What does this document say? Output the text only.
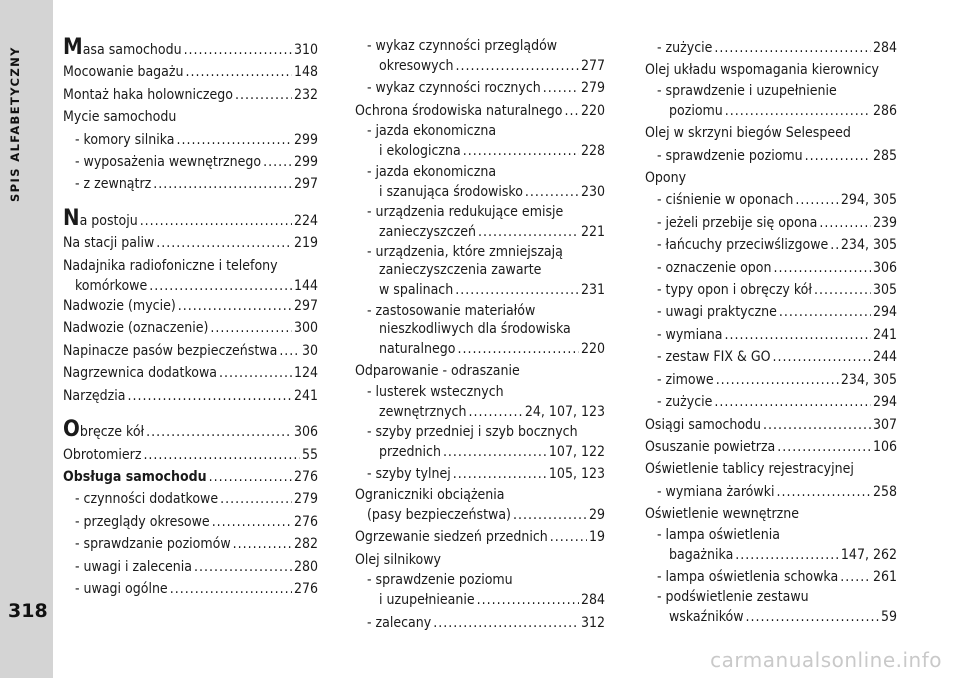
SPIS ALFABETYCZNY
318
Masa samochodu .....	310
Mocowanie bagażu .....	148
Montaż haka holowniczego .....	232
Mycie samochodu
- komory silnika .....	299
- wyposażenia wewnętrznego ..... 299
- z zewnątrz .....	297
Na postoju .....	224
Na stacji paliw .....	219
Nadajnika radiofoniczne i telefony
komórkowe .....	144
Nadwozie (mycie) .....	297
Nadwozie (oznaczenie) .....	300
Napinacze pasów bezpieczeństwa ..... 30
Nagrzewnica dodatkowa .....	124
Narzędzia .....	241
Obręcze kół .....	306
Obrotomierz .....	55
Obsługa samochodu .....	276
- czynności dodatkowe .....	279
- przeglądy okresowe .....	276
- sprawdzanie poziomów .....	282
- uwagi i zalecenia .....	280
- uwagi ogólne .....	276
- wykaz czynności przeglądów
okresowych .....	277
- wykaz czynności rocznych .....	279
Ochrona środowiska naturalnego ..... 220
- jazda ekonomiczna
i ekologiczna .....	228
- jazda ekonomiczna
i szanująca środowisko .....	230
- urządzenia redukujące emisje
zanieczyszczeń .....	221
- urządzenia, które zmniejszają
zanieczyszczenia zawarte
w spalinach .....	231
- zastosowanie materiałów
nieszkodliwych dla środowiska
naturalnego .....	220
Odparowanie - odraszanie
- lusterek wstecznych
zewnętrznych .....	24, 107, 123
- szyby przedniej i szyb bocznych
przednich .....	107, 122
- szyby tylnej .....	105, 123
Ograniczniki obciążenia
(pasy bezpieczeństwa) .....	29
Ogrzewanie siedzeń przednich .....	19
Olej silnikowy
- sprawdzenie poziomu
i uzupełnieanie .....	284
- zalecany .....	312
- zużycie .....	284
Olej układu wspomagania kierownicy
- sprawdzenie i uzupełnienie
poziomu .....	286
Olej w skrzyni biegów Selespeed
- sprawdzenie poziomu .....	285
Opony
- ciśnienie w oponach .....	294, 305
- jeżeli przebije się opona .....	239
- łańcuchy przeciwślizgowe ..... 234, 305
- oznaczenie opon .....	306
- typy opon i obręczy kół .....	305
- uwagi praktyczne .....	294
- wymiana .....	241
- zestaw FIX & GO .....	244
- zimowe .....	234, 305
- zużycie .....	294
Osiągi samochodu .....	307
Osuszanie powietrza .....	106
Oświetlenie tablicy rejestracyjnej
- wymiana żarówki .....	258
Oświetlenie wewnętrzne
- lampa oświetlenia
bagażnika .....	147, 262
- lampa oświetlenia schowka ..... 261
- podświetlenie zestawu
wskaźników .....	59
carmanualsonline.info
